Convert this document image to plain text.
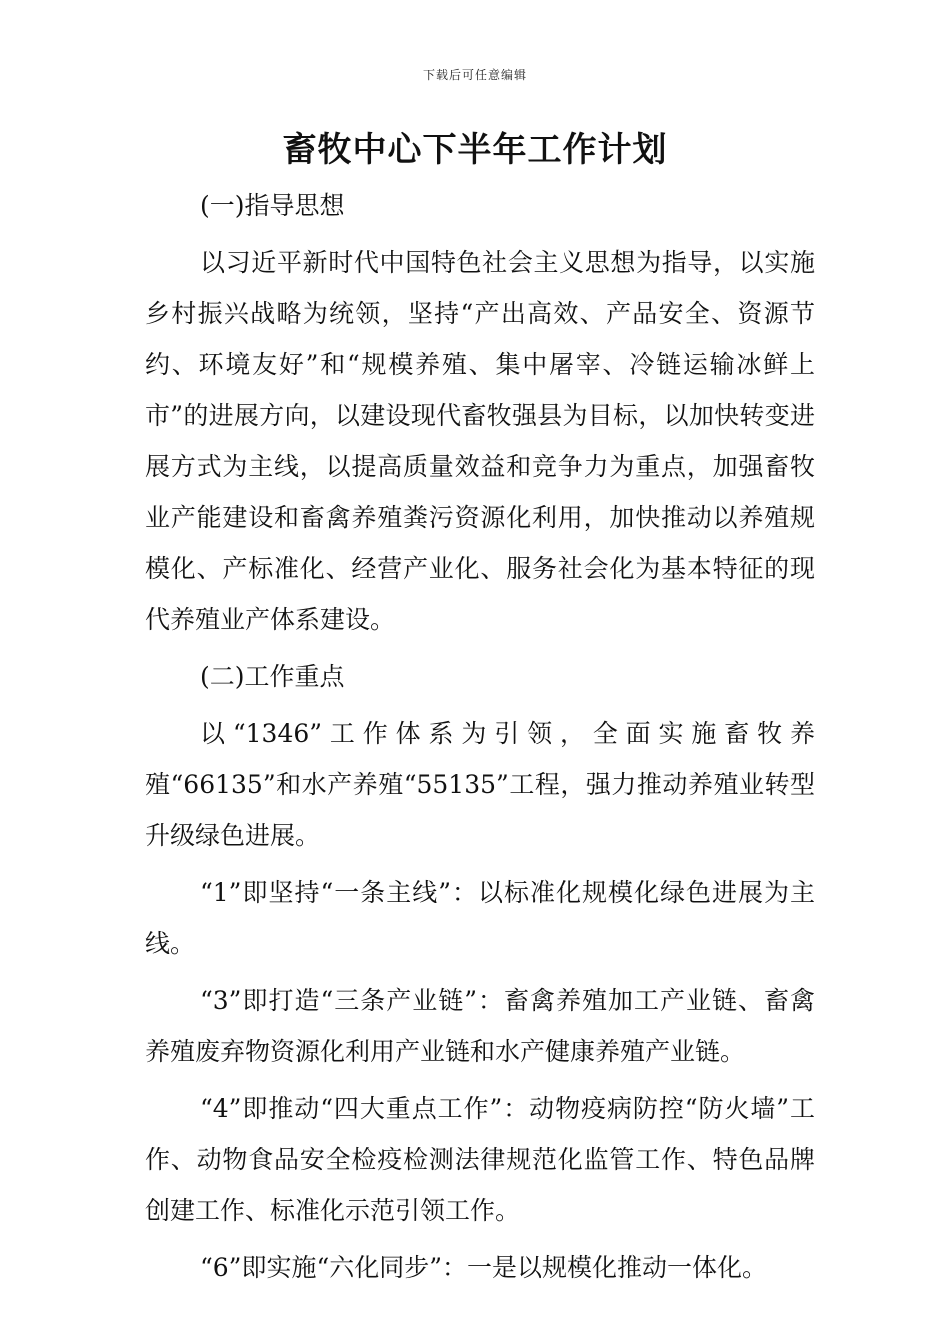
下载后可任意编辑
畜牧中心下半年工作计划

(一)指导思想

以习近平新时代中国特色社会主义思想为指导，以实施乡村振兴战略为统领，坚持“产出高效、产品安全、资源节约、环境友好”和“规模养殖、集中屠宰、冷链运输冰鲜上市”的进展方向，以建设现代畜牧强县为目标，以加快转变进展方式为主线，以提高质量效益和竞争力为重点，加强畜牧业产能建设和畜禽养殖粪污资源化利用，加快推动以养殖规模化、产标准化、经营产业化、服务社会化为基本特征的现代养殖业产体系建设。

(二)工作重点

以“1346”工作体系为引领，全面实施畜牧养殖“66135”和水产养殖“55135”工程，强力推动养殖业转型升级绿色进展。

“1”即坚持“一条主线”：以标准化规模化绿色进展为主线。

“3”即打造“三条产业链”：畜禽养殖加工产业链、畜禽养殖废弃物资源化利用产业链和水产健康养殖产业链。

“4”即推动“四大重点工作”：动物疫病防控“防火墙”工作、动物食品安全检疫检测法律规范化监管工作、特色品牌创建工作、标准化示范引领工作。

“6”即实施“六化同步”：一是以规模化推动一体化。
